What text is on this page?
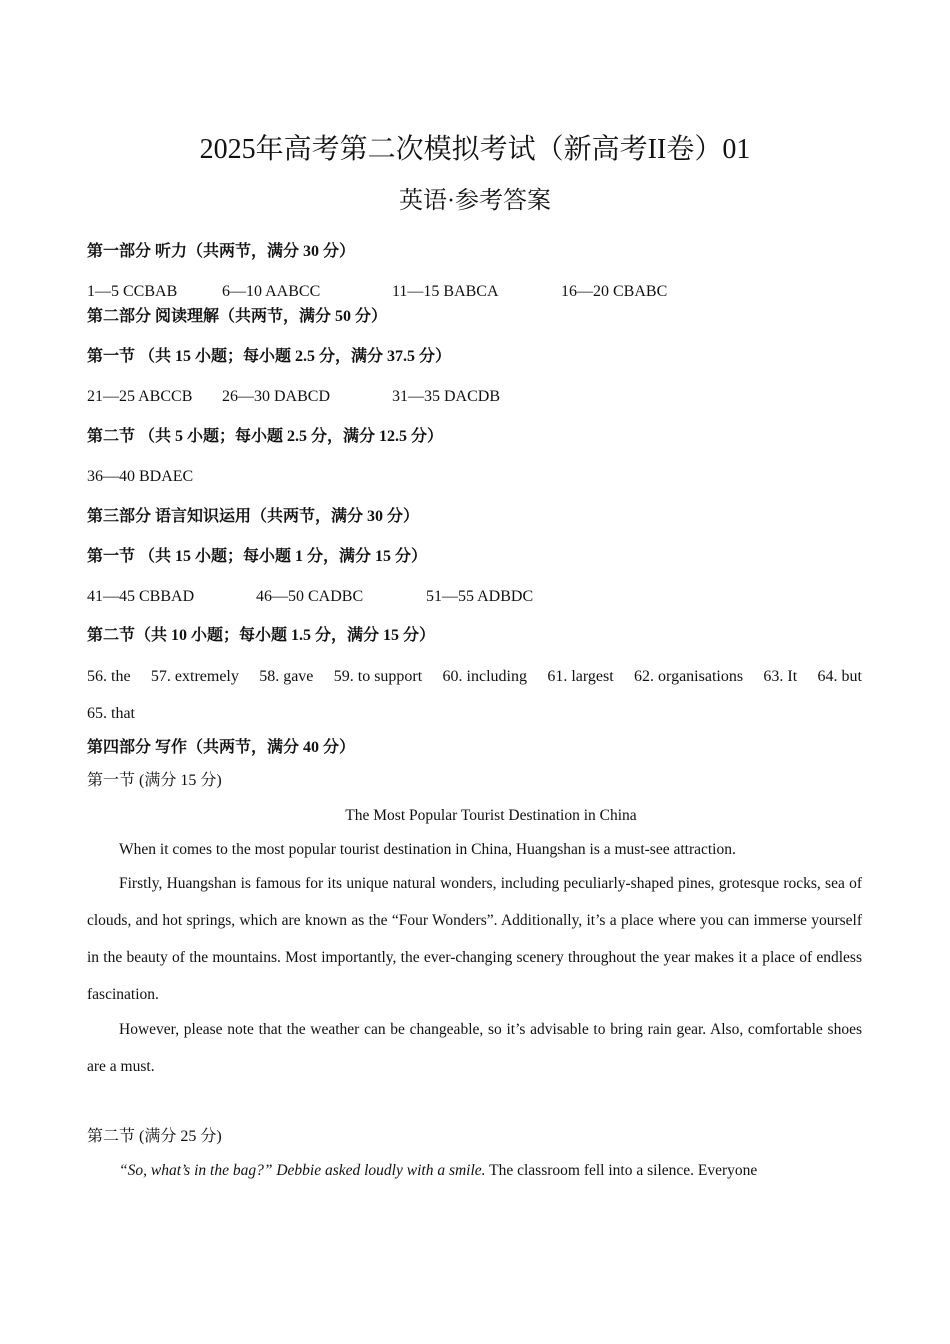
2025年高考第二次模拟考试（新高考II卷）01
英语·参考答案
第一部分 听力（共两节，满分 30 分）
1—5 CCBAB	6—10 AABCC	11—15 BABCA	16—20 CBABC
第二部分 阅读理解（共两节，满分 50 分）
第一节 （共 15 小题；每小题 2.5 分，满分 37.5 分）
21—25 ABCCB 26—30 DABCD	31—35 DACDB
第二节 （共 5 小题；每小题 2.5 分，满分 12.5 分）
36—40 BDAEC
第三部分 语言知识运用（共两节，满分 30 分）
第一节 （共 15 小题；每小题 1 分，满分 15 分）
41—45 CBBAD	46—50 CADBC	51—55 ADBDC
第二节（共 10 小题；每小题 1.5 分，满分 15 分）
56. the 57. extremely 58. gave 59. to support 60. including 61. largest 62. organisations 63. It 64. but
65. that
第四部分 写作（共两节，满分 40 分）
第一节 (满分 15 分)
The Most Popular Tourist Destination in China
When it comes to the most popular tourist destination in China, Huangshan is a must-see attraction.
Firstly, Huangshan is famous for its unique natural wonders, including peculiarly-shaped pines, grotesque rocks, sea of clouds, and hot springs, which are known as the “Four Wonders”. Additionally, it’s a place where you can immerse yourself in the beauty of the mountains. Most importantly, the ever-changing scenery throughout the year makes it a place of endless fascination.
However, please note that the weather can be changeable, so it’s advisable to bring rain gear. Also, comfortable shoes are a must.
第二节 (满分 25 分)
“So, what’s in the bag?” Debbie asked loudly with a smile. The classroom fell into a silence. Everyone
